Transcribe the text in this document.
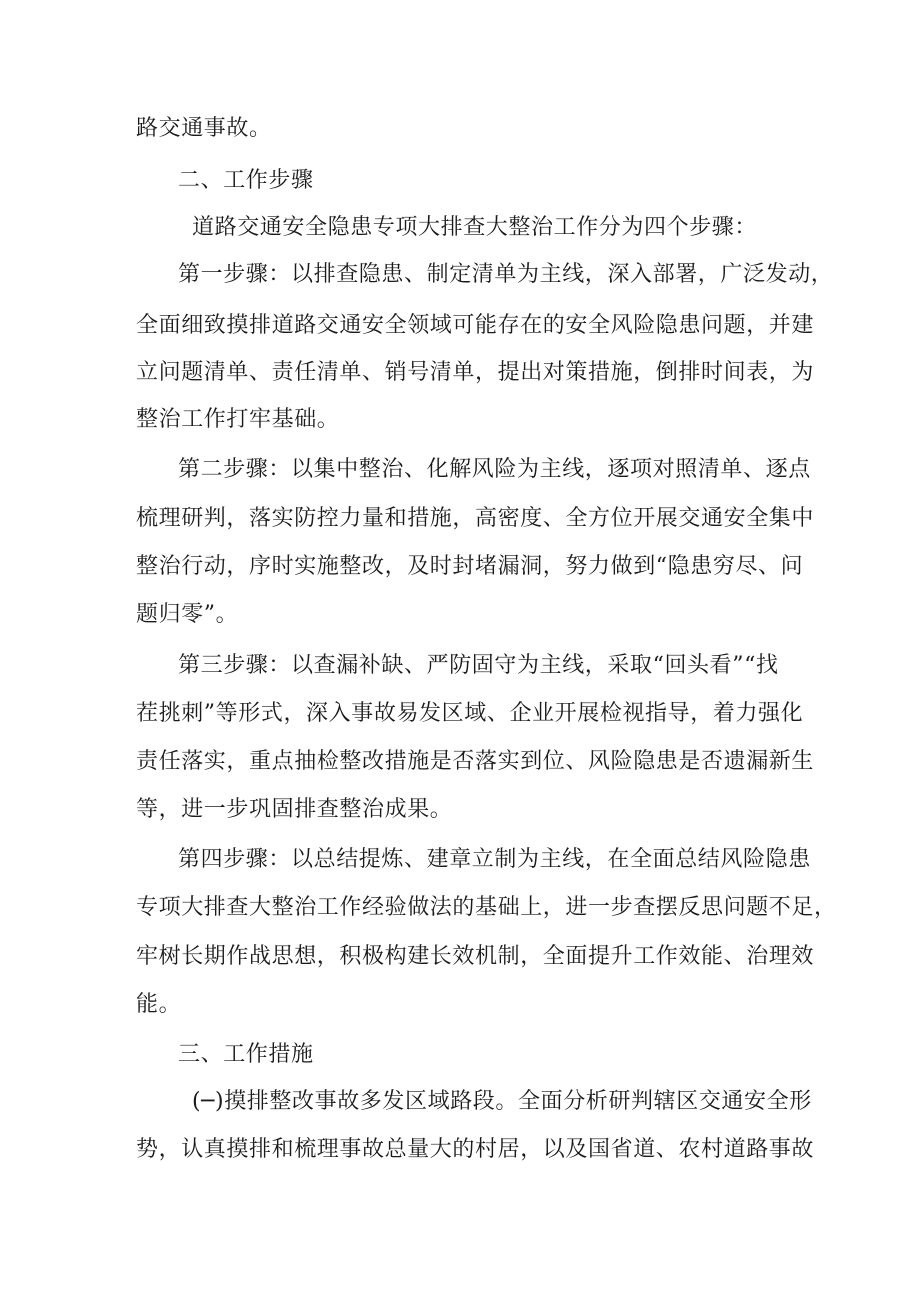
路交通事故。
二、工作步骤
道路交通安全隐患专项大排查大整治工作分为四个步骤：
第一步骤：以排查隐患、制定清单为主线，深入部署，广泛发动，
全面细致摸排道路交通安全领域可能存在的安全风险隐患问题，并建
立问题清单、责任清单、销号清单，提出对策措施，倒排时间表，为
整治工作打牢基础。
第二步骤：以集中整治、化解风险为主线，逐项对照清单、逐点
梳理研判，落实防控力量和措施，高密度、全方位开展交通安全集中
整治行动，序时实施整改，及时封堵漏洞，努力做到“隐患穷尽、问
题归零”。
第三步骤：以查漏补缺、严防固守为主线，采取“回头看”“找
茬挑刺”等形式，深入事故易发区域、企业开展检视指导，着力强化
责任落实，重点抽检整改措施是否落实到位、风险隐患是否遗漏新生
等，进一步巩固排查整治成果。
第四步骤：以总结提炼、建章立制为主线，在全面总结风险隐患
专项大排查大整治工作经验做法的基础上，进一步查摆反思问题不足，
牢树长期作战思想，积极构建长效机制，全面提升工作效能、治理效
能。
三、工作措施
(─)摸排整改事故多发区域路段。全面分析研判辖区交通安全形
势，认真摸排和梳理事故总量大的村居，以及国省道、农村道路事故
